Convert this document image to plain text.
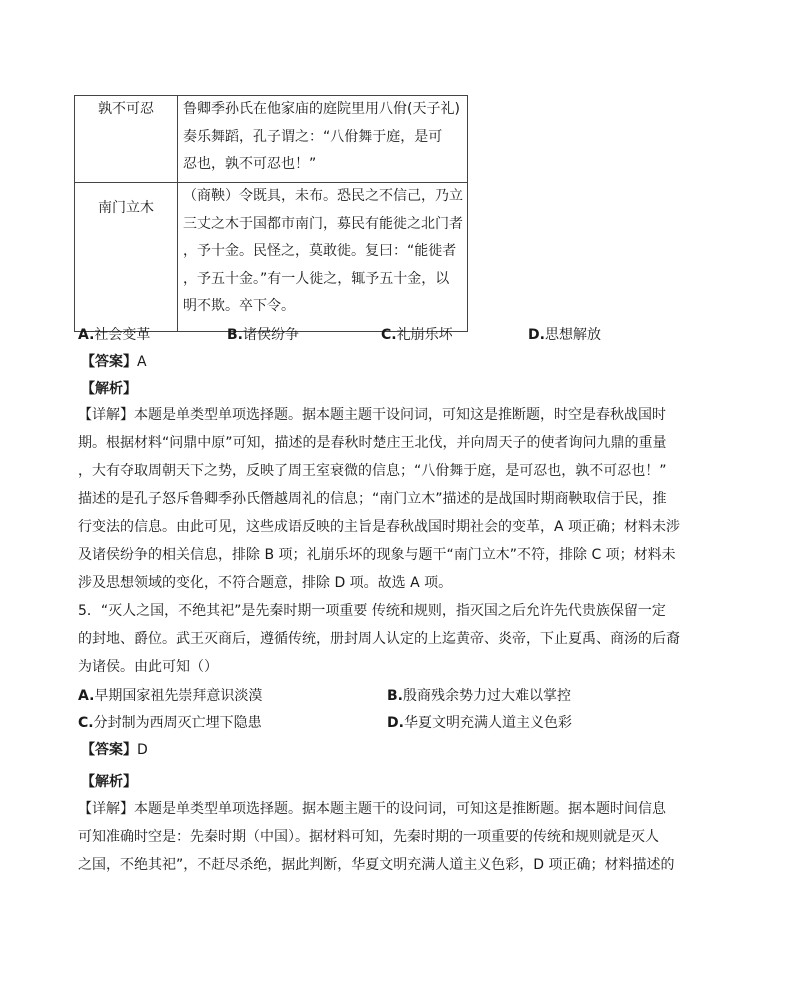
孰不可忍	鲁卿季孙氏在他家庙的庭院里用八佾(天子礼)
奏乐舞蹈，孔子谓之：“八佾舞于庭，是可
忍也，孰不可忍也！”

南门立木	（商鞅）令既具，未布。恐民之不信己，乃立
三丈之木于国都市南门，募民有能徙之北门者
，予十金。民怪之，莫敢徙。复曰：“能徙者
，予五十金。”有一人徙之，辄予五十金，以
明不欺。卒下令。
A.社会变革	B.诸侯纷争	C.礼崩乐坏	D.思想解放
【答案】A
【解析】
【详解】本题是单类型单项选择题。据本题主题干设问词，可知这是推断题，时空是春秋战国时
期。根据材料“问鼎中原”可知，描述的是春秋时楚庄王北伐，并向周天子的使者询问九鼎的重量
，大有夺取周朝天下之势，反映了周王室衰微的信息；“八佾舞于庭，是可忍也，孰不可忍也！”
描述的是孔子怒斥鲁卿季孙氏僭越周礼的信息；“南门立木”描述的是战国时期商鞅取信于民，推
行变法的信息。由此可见，这些成语反映的主旨是春秋战国时期社会的变革，A 项正确；材料未涉
及诸侯纷争的相关信息，排除 B 项；礼崩乐坏的现象与题干“南门立木”不符，排除 C 项；材料未
涉及思想领域的变化，不符合题意，排除 D 项。故选 A 项。
5．“灭人之国，不绝其祀”是先秦时期一项重要 传统和规则，指灭国之后允许先代贵族保留一定
的封地、爵位。武王灭商后，遵循传统，册封周人认定的上迄黄帝、炎帝，下止夏禹、商汤的后裔
为诸侯。由此可知（）
A.早期国家祖先崇拜意识淡漠	B.殷商残余势力过大难以掌控
C.分封制为西周灭亡埋下隐患	D.华夏文明充满人道主义色彩
【答案】D
【解析】
【详解】本题是单类型单项选择题。据本题主题干的设问词，可知这是推断题。据本题时间信息
可知准确时空是：先秦时期（中国）。据材料可知，先秦时期的一项重要的传统和规则就是灭人
之国，不绝其祀”，不赶尽杀绝，据此判断，华夏文明充满人道主义色彩，D 项正确；材料描述的
